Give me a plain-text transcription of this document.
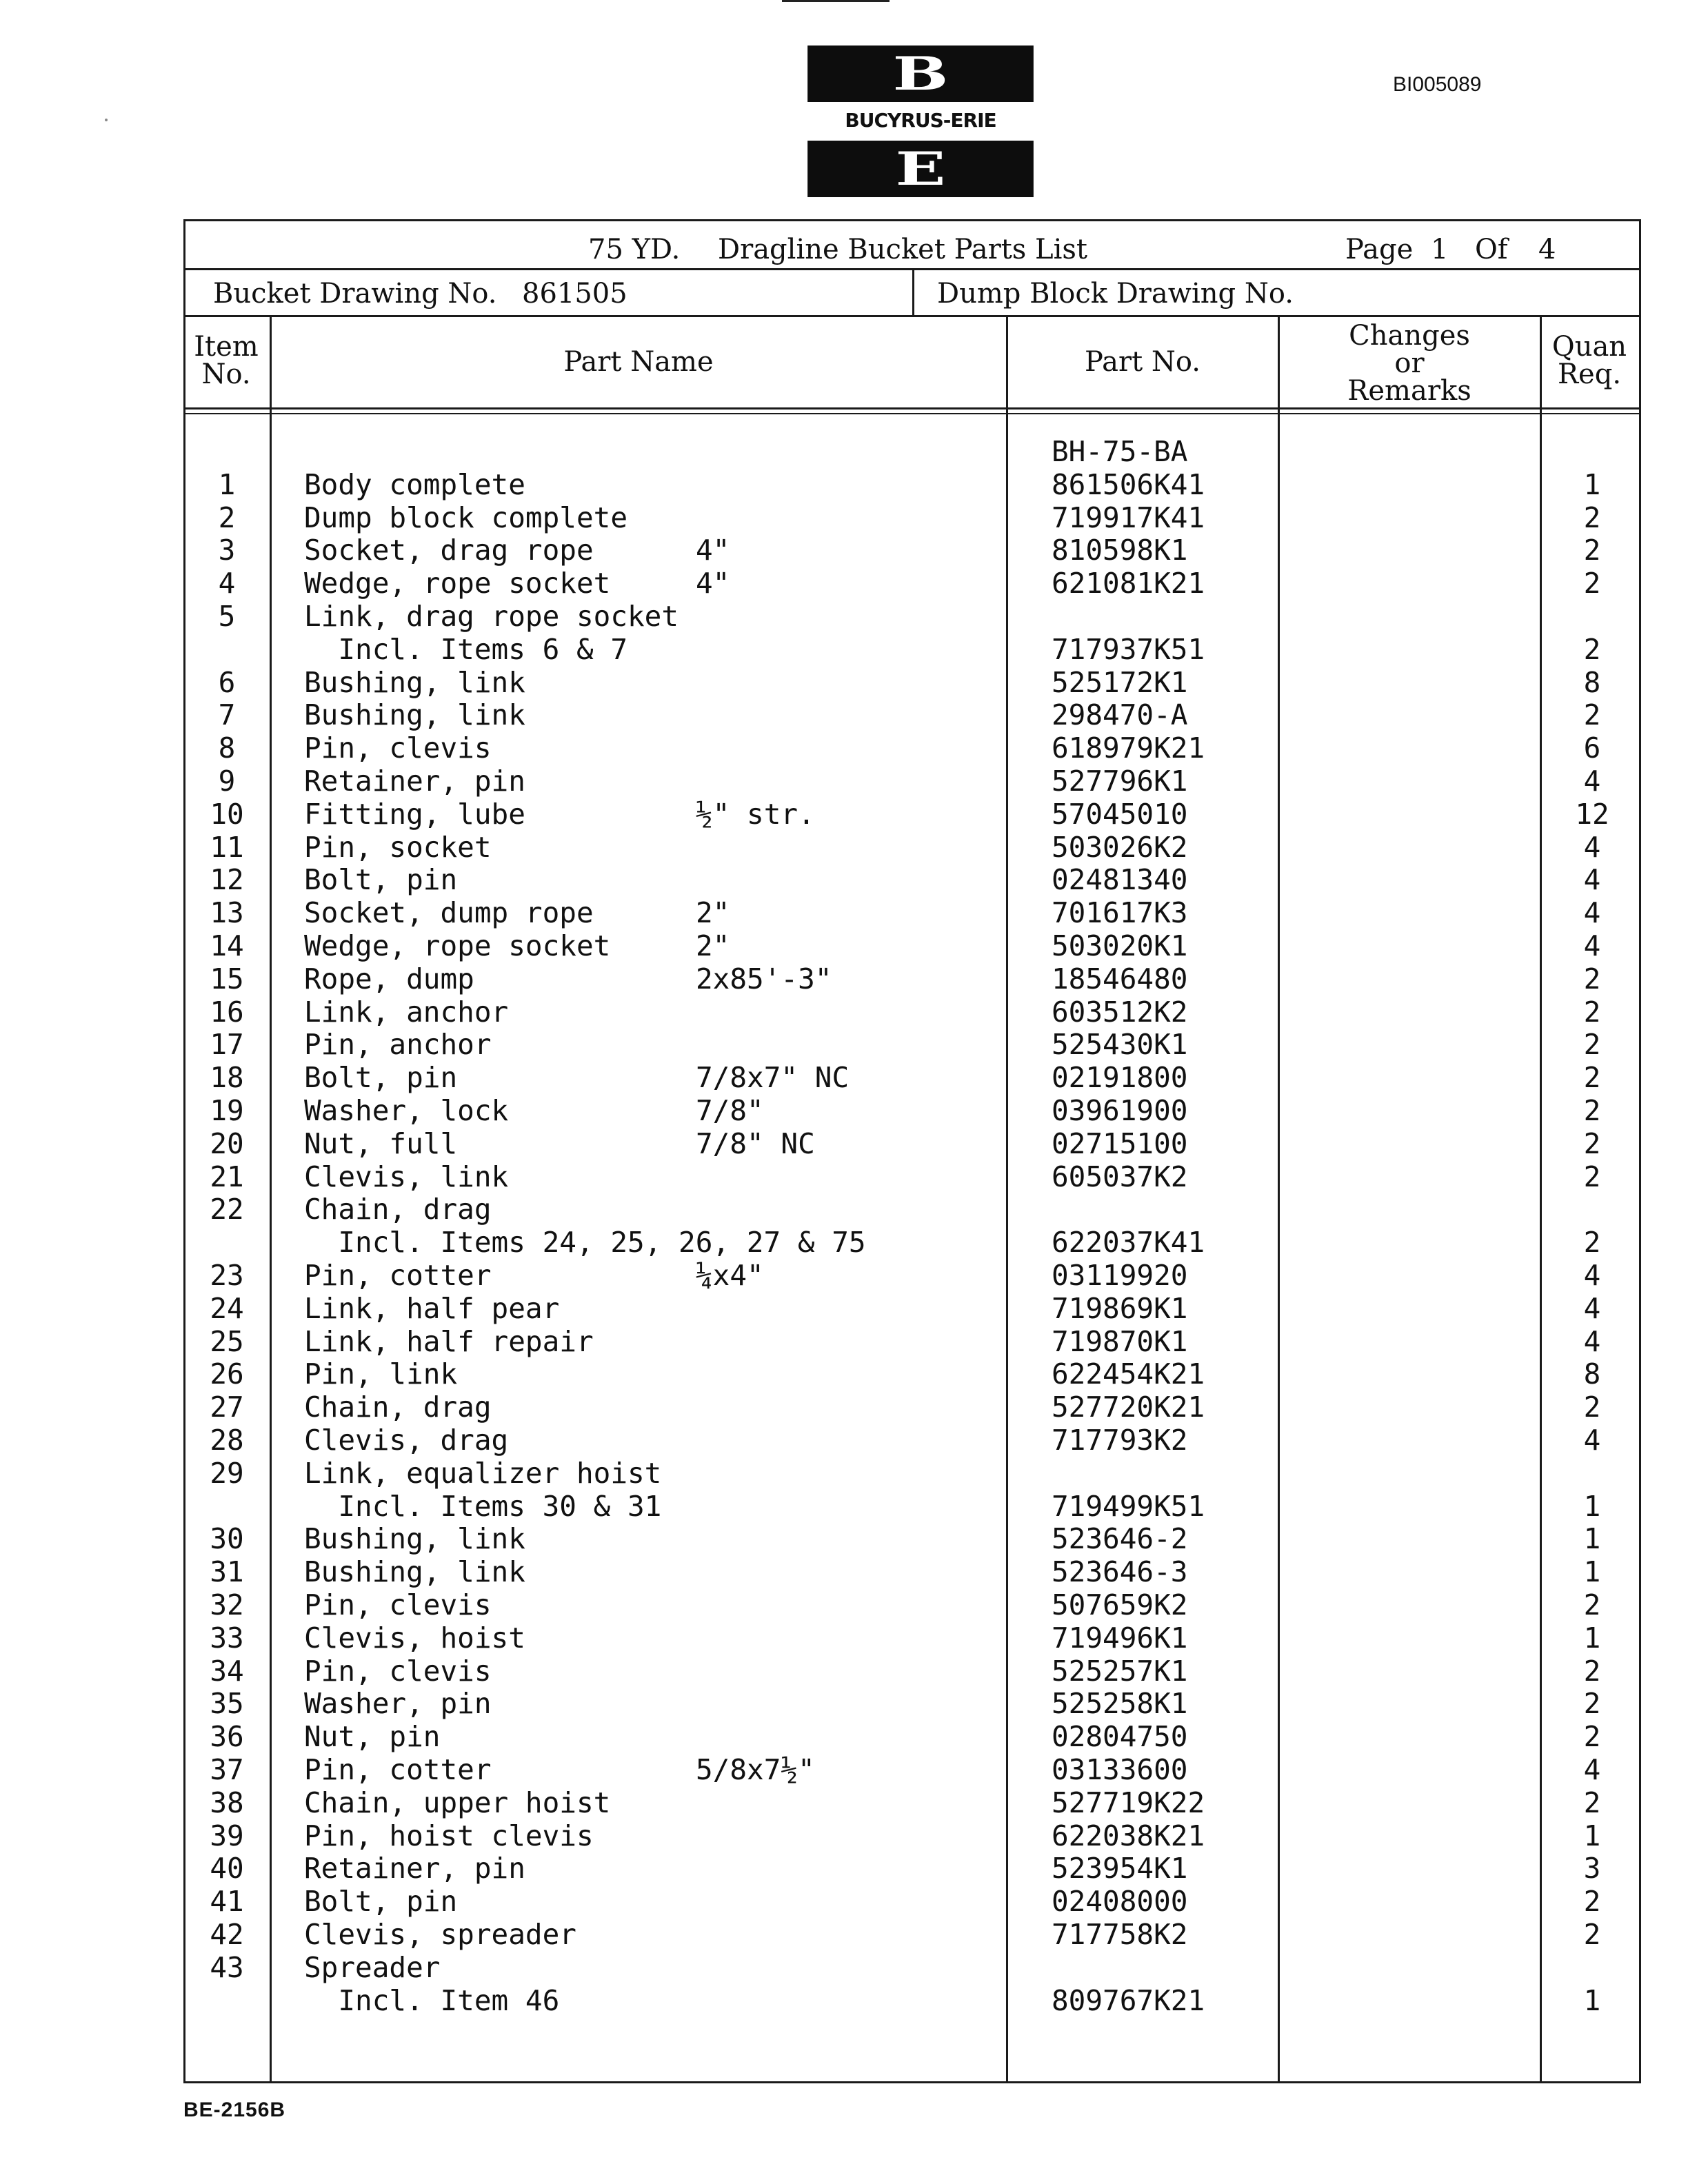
B
BUCYRUS-ERIE
E
BI005089
75 YD. Dragline Bucket Parts List	Page 1 Of 4
Bucket Drawing No. 861505	Dump Block Drawing No.
Item
No.	Part Name	Part No.
Changes
or
Remarks
Quan
Req.
BH-75-BA
1	Body complete	861506K41	1
2	Dump block complete	719917K41	2
3	Socket, drag rope	4"	810598K1	2
4	Wedge, rope socket	4"	621081K21	2
5	Link, drag rope socket
Incl. Items 6 & 7	717937K51	2
6	Bushing, link	525172K1	8
7	Bushing, link	298470-A	2
8	Pin, clevis	618979K21	6
9	Retainer, pin	527796K1	4
10	Fitting, lube	½" str.	57045010	12
11	Pin, socket	503026K2	4
12	Bolt, pin	02481340	4
13	Socket, dump rope	2"	701617K3	4
14	Wedge, rope socket	2"	503020K1	4
15	Rope, dump	2x85'-3"	18546480	2
16	Link, anchor	603512K2	2
17	Pin, anchor	525430K1	2
18	Bolt, pin	7/8x7" NC	02191800	2
19	Washer, lock	7/8"	03961900	2
20	Nut, full	7/8" NC	02715100	2
21	Clevis, link	605037K2	2
22	Chain, drag
Incl. Items 24, 25, 26, 27 & 75	622037K41	2
23	Pin, cotter	¼x4"	03119920	4
24	Link, half pear	719869K1	4
25	Link, half repair	719870K1	4
26	Pin, link	622454K21	8
27	Chain, drag	527720K21	2
28	Clevis, drag	717793K2	4
29	Link, equalizer hoist
Incl. Items 30 & 31	719499K51	1
30	Bushing, link	523646-2	1
31	Bushing, link	523646-3	1
32	Pin, clevis	507659K2	2
33	Clevis, hoist	719496K1	1
34	Pin, clevis	525257K1	2
35	Washer, pin	525258K1	2
36	Nut, pin	02804750	2
37	Pin, cotter	5/8x7½"	03133600	4
38	Chain, upper hoist	527719K22	2
39	Pin, hoist clevis	622038K21	1
40	Retainer, pin	523954K1	3
41	Bolt, pin	02408000	2
42	Clevis, spreader	717758K2	2
43	Spreader
Incl. Item 46	809767K21	1
BE-2156B
